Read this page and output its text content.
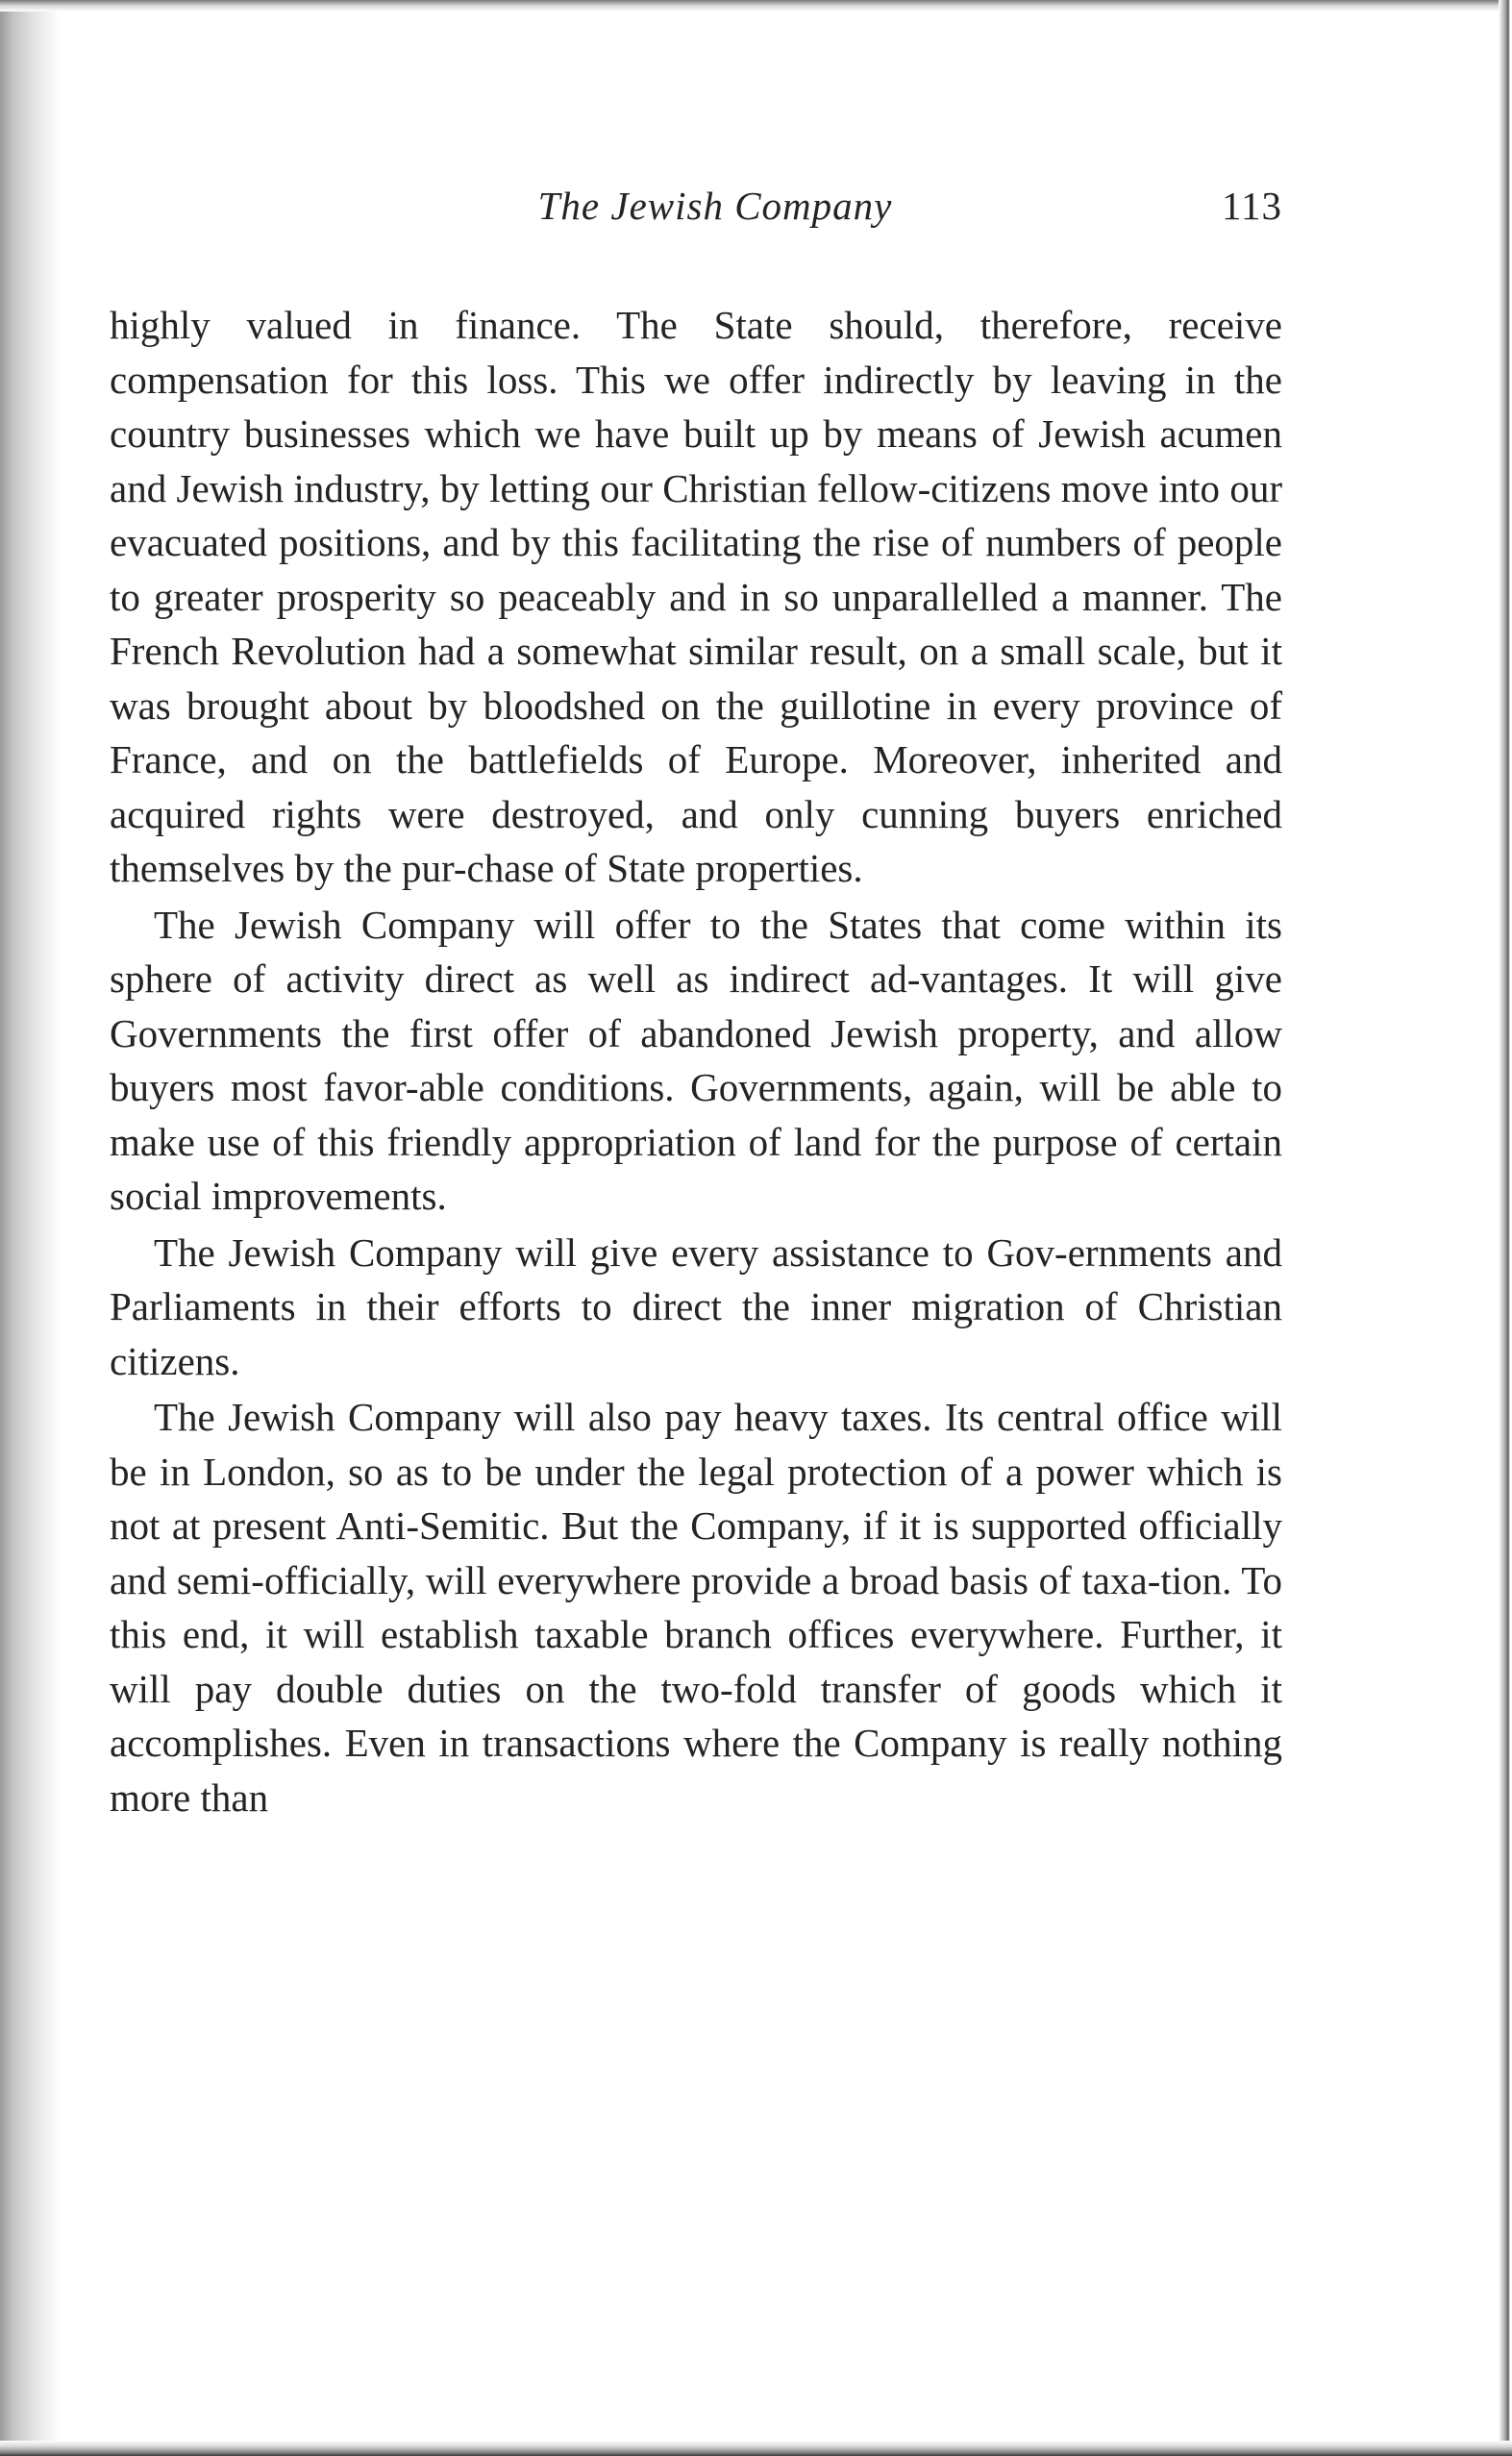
The Jewish Company	113

highly valued in finance. The State should, therefore, receive compensation for this loss. This we offer indirectly by leaving in the country businesses which we have built up by means of Jewish acumen and Jewish industry, by letting our Christian fellow-citizens move into our evacuated positions, and by this facilitating the rise of numbers of people to greater prosperity so peaceably and in so unparallelled a manner. The French Revolution had a somewhat similar result, on a small scale, but it was brought about by bloodshed on the guillotine in every province of France, and on the battlefields of Europe. Moreover, inherited and acquired rights were destroyed, and only cunning buyers enriched themselves by the pur-chase of State properties.

The Jewish Company will offer to the States that come within its sphere of activity direct as well as indirect ad-vantages. It will give Governments the first offer of abandoned Jewish property, and allow buyers most favor-able conditions. Governments, again, will be able to make use of this friendly appropriation of land for the purpose of certain social improvements.

The Jewish Company will give every assistance to Gov-ernments and Parliaments in their efforts to direct the inner migration of Christian citizens.

The Jewish Company will also pay heavy taxes. Its central office will be in London, so as to be under the legal protection of a power which is not at present Anti-Semitic. But the Company, if it is supported officially and semi-officially, will everywhere provide a broad basis of taxa-tion. To this end, it will establish taxable branch offices everywhere. Further, it will pay double duties on the two-fold transfer of goods which it accomplishes. Even in transactions where the Company is really nothing more than
